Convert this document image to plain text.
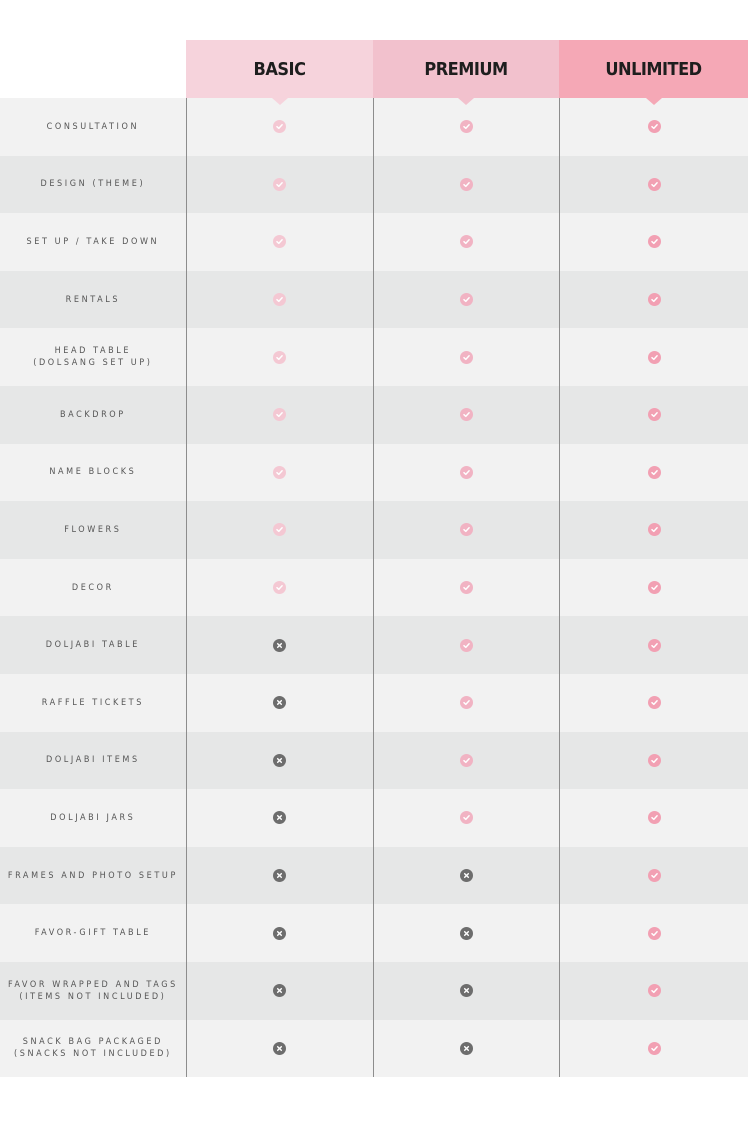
BASIC	PREMIUM	UNLIMITED
CONSULTATION
DESIGN (THEME)
SET UP / TAKE DOWN
RENTALS
HEAD TABLE
(DOLSANG SET UP)
BACKDROP
NAME BLOCKS
FLOWERS
DECOR
DOLJABI TABLE
RAFFLE TICKETS
DOLJABI ITEMS
DOLJABI JARS
FRAMES AND PHOTO SETUP
FAVOR-GIFT TABLE
FAVOR WRAPPED AND TAGS
(ITEMS NOT INCLUDED)
SNACK BAG PACKAGED
(SNACKS NOT INCLUDED)
